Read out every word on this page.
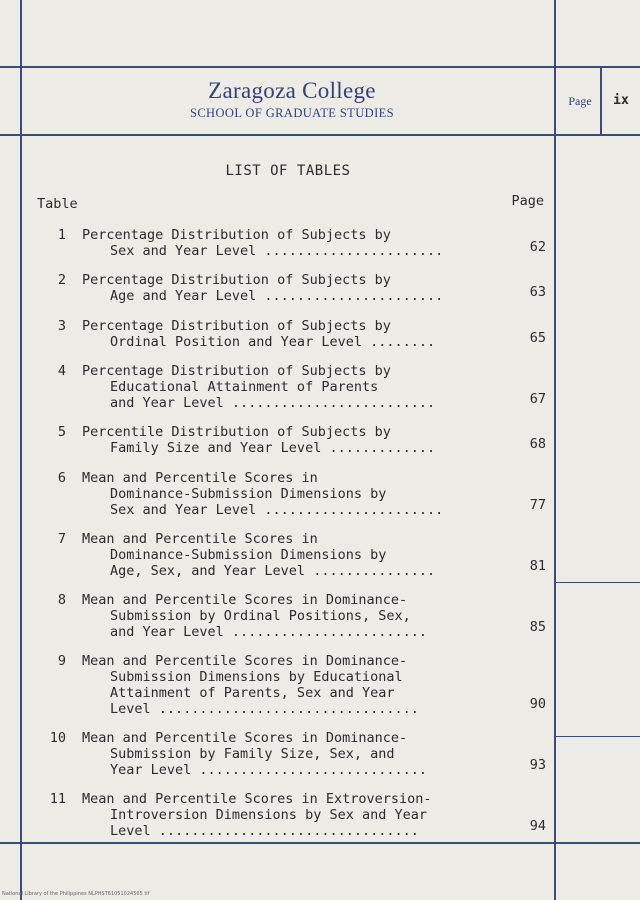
Zaragoza College
SCHOOL OF GRADUATE STUDIES
Page	ix
LIST OF TABLES
Table	Page
1 Percentage Distribution of Subjects by
Sex and Year Level ......................	62
2 Percentage Distribution of Subjects by
Age and Year Level ......................	63
3 Percentage Distribution of Subjects by
Ordinal Position and Year Level ........	65
4 Percentage Distribution of Subjects by
Educational Attainment of Parents
and Year Level .........................	67
5 Percentile Distribution of Subjects by
Family Size and Year Level .............	68
6 Mean and Percentile Scores in
Dominance-Submission Dimensions by
Sex and Year Level ......................	77
7 Mean and Percentile Scores in
Dominance-Submission Dimensions by
Age, Sex, and Year Level ...............	81
8 Mean and Percentile Scores in Dominance-
Submission by Ordinal Positions, Sex,
and Year Level ........................	85
9 Mean and Percentile Scores in Dominance-
Submission Dimensions by Educational
Attainment of Parents, Sex and Year
Level ................................	90
10 Mean and Percentile Scores in Dominance-
Submission by Family Size, Sex, and
Year Level ............................	93
11 Mean and Percentile Scores in Extroversion-
Introversion Dimensions by Sex and Year
Level ................................	94
National Library of the Philippines NLPHST61051024565 tif
